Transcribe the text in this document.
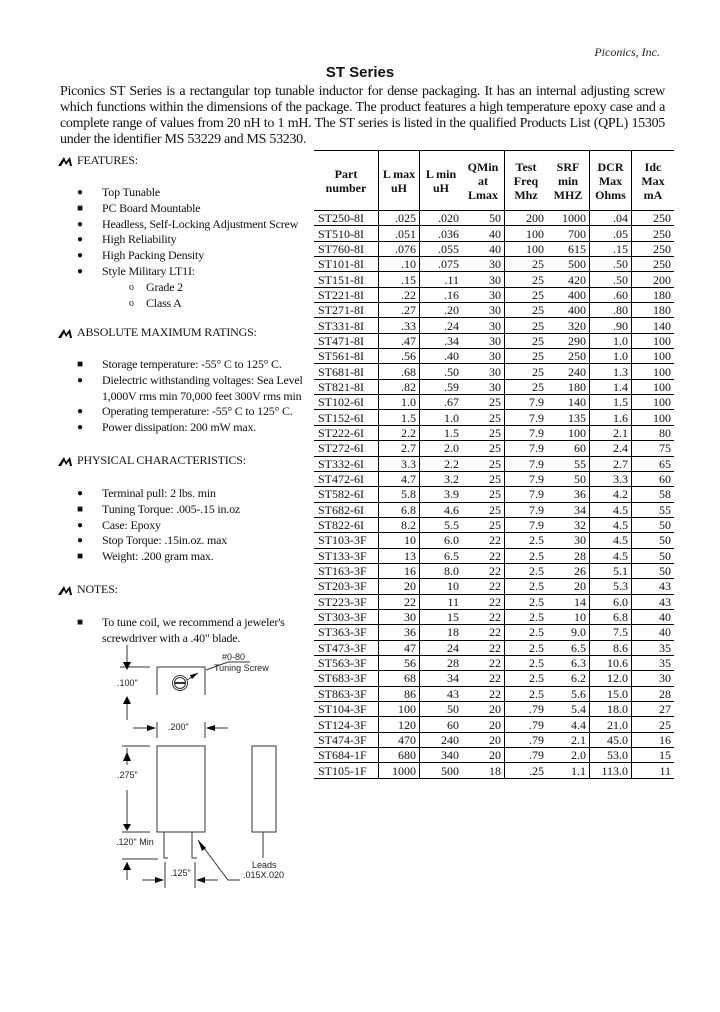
Piconics, Inc.
ST Series
Piconics ST Series is a rectangular top tunable inductor for dense packaging. It has an internal adjusting screw which functions within the dimensions of the package. The product features a high temperature epoxy case and a complete range of values from 20 nH to 1 mH. The ST series is listed in the qualified Products List (QPL) 15305 under the identifier MS 53229 and MS 53230.
FEATURES:
● Top Tunable
■ PC Board Mountable
● Headless, Self-Locking Adjustment Screw
● High Reliability
● High Packing Density
● Style Military LT1I:
o Grade 2
o Class A
ABSOLUTE MAXIMUM RATINGS:
■ Storage temperature: -55° C to 125° C.
● Dielectric withstanding voltages: Sea Level 1,000V rms min 70,000 feet 300V rms min
● Operating temperature: -55° C to 125° C.
● Power dissipation: 200 mW max.
PHYSICAL CHARACTERISTICS:
● Terminal pull: 2 lbs. min
■ Tuning Torque: .005-.15 in.oz
● Case: Epoxy
● Stop Torque: .15in.oz. max
■ Weight: .200 gram max.
NOTES:
■ To tune coil, we recommend a jeweler's screwdriver with a .40" blade.
#0-80
Tuning Screw
.100"
.200"
.275"
.120" Min
.125"
Leads
.015X.020
Part number	L max uH	L min uH	QMin at Lmax	Test Freq Mhz	SRF min MHZ	DCR Max Ohms	Idc Max mA
ST250-8I	.025	.020	50	200	1000	.04	250
ST510-8I	.051	.036	40	100	700	.05	250
ST760-8I	.076	.055	40	100	615	.15	250
ST101-8I	.10	.075	30	25	500	.50	250
ST151-8I	.15	.11	30	25	420	.50	200
ST221-8I	.22	.16	30	25	400	.60	180
ST271-8I	.27	.20	30	25	400	.80	180
ST331-8I	.33	.24	30	25	320	.90	140
ST471-8I	.47	.34	30	25	290	1.0	100
ST561-8I	.56	.40	30	25	250	1.0	100
ST681-8I	.68	.50	30	25	240	1.3	100
ST821-8I	.82	.59	30	25	180	1.4	100
ST102-6I	1.0	.67	25	7.9	140	1.5	100
ST152-6I	1.5	1.0	25	7.9	135	1.6	100
ST222-6I	2.2	1.5	25	7.9	100	2.1	80
ST272-6I	2.7	2.0	25	7.9	60	2.4	75
ST332-6I	3.3	2.2	25	7.9	55	2.7	65
ST472-6I	4.7	3.2	25	7.9	50	3.3	60
ST582-6I	5.8	3.9	25	7.9	36	4.2	58
ST682-6I	6.8	4.6	25	7.9	34	4.5	55
ST822-6I	8.2	5.5	25	7.9	32	4.5	50
ST103-3F	10	6.0	22	2.5	30	4.5	50
ST133-3F	13	6.5	22	2.5	28	4.5	50
ST163-3F	16	8.0	22	2.5	26	5.1	50
ST203-3F	20	10	22	2.5	20	5.3	43
ST223-3F	22	11	22	2.5	14	6.0	43
ST303-3F	30	15	22	2.5	10	6.8	40
ST363-3F	36	18	22	2.5	9.0	7.5	40
ST473-3F	47	24	22	2.5	6.5	8.6	35
ST563-3F	56	28	22	2.5	6.3	10.6	35
ST683-3F	68	34	22	2.5	6.2	12.0	30
ST863-3F	86	43	22	2.5	5.6	15.0	28
ST104-3F	100	50	20	.79	5.4	18.0	27
ST124-3F	120	60	20	.79	4.4	21.0	25
ST474-3F	470	240	20	.79	2.1	45.0	16
ST684-1F	680	340	20	.79	2.0	53.0	15
ST105-1F	1000	500	18	.25	1.1	113.0	11
